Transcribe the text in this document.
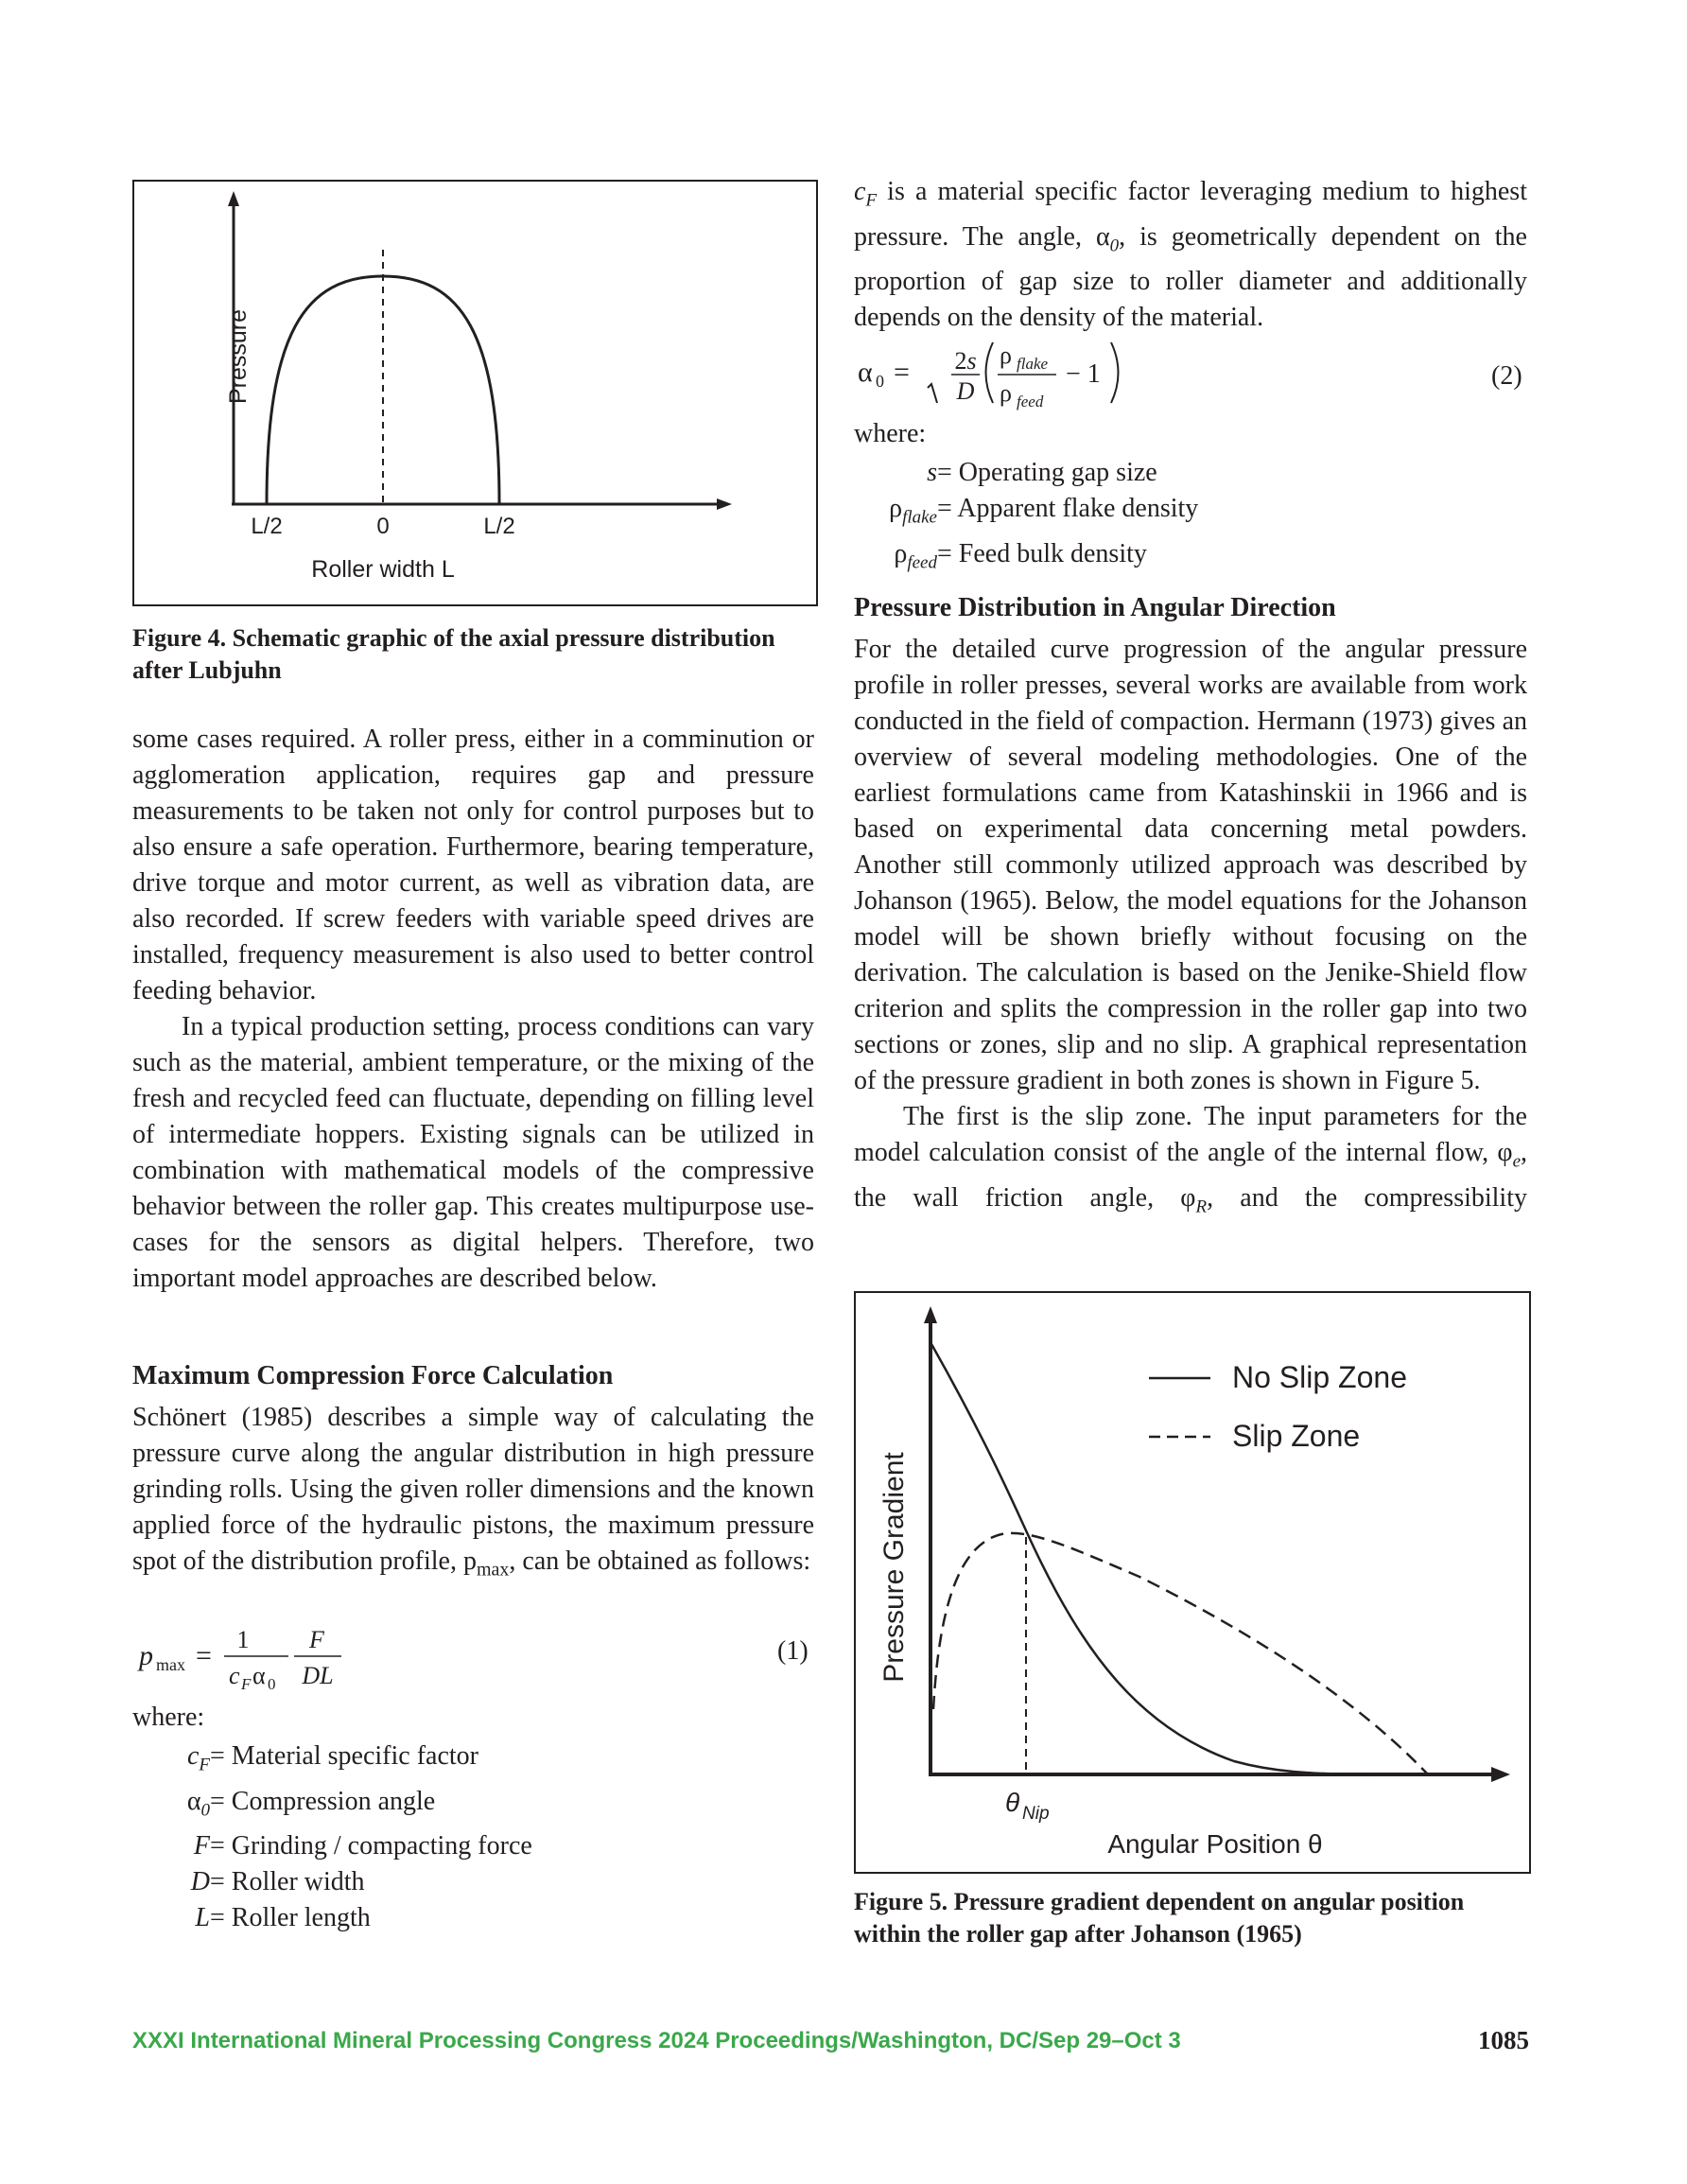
L/2	0	L/2
Roller width L
Pressure
Figure 4. Schematic graphic of the axial pressure distribution after Lubjuhn

some cases required. A roller press, either in a comminution or agglomeration application, requires gap and pressure measurements to be taken not only for control purposes but to also ensure a safe operation. Furthermore, bearing temperature, drive torque and motor current, as well as vibration data, are also recorded. If screw feeders with variable speed drives are installed, frequency measurement is also used to better control feeding behavior.

In a typical production setting, process conditions can vary such as the material, ambient temperature, or the mixing of the fresh and recycled feed can fluctuate, depending on filling level of intermediate hoppers. Existing signals can be utilized in combination with mathematical models of the compressive behavior between the roller gap. This creates multipurpose use-cases for the sensors as digital helpers. Therefore, two important model approaches are described below.

Maximum Compression Force Calculation

Schönert (1985) describes a simple way of calculating the pressure curve along the angular distribution in high pressure grinding rolls. Using the given roller dimensions and the known applied force of the hydraulic pistons, the maximum pressure spot of the distribution profile, $p_{max}$, can be obtained as follows:

p max =
1
c F α 0
F
DL
(1)
where:
$c_F$ = Material specific factor
$\alpha_0$ = Compression angle
F = Grinding / compacting force
D = Roller width
L = Roller length

$c_F$ is a material specific factor leveraging medium to highest pressure. The angle, $\alpha_0$, is geometrically dependent on the proportion of gap size to roller diameter and additionally depends on the density of the material.

α 0 = 2s
D
ρ flake
ρ feed
− 1	(2)
where:
s = Operating gap size
$\rho_{flake}$ = Apparent flake density
$\rho_{feed}$ = Feed bulk density
Pressure Distribution in Angular Direction

For the detailed curve progression of the angular pressure profile in roller presses, several works are available from work conducted in the field of compaction. Hermann (1973) gives an overview of several modeling methodologies. One of the earliest formulations came from Katashinskii in 1966 and is based on experimental data concerning metal powders. Another still commonly utilized approach was described by Johanson (1965). Below, the model equations for the Johanson model will be shown briefly without focusing on the derivation. The calculation is based on the Jenike-Shield flow criterion and splits the compression in the roller gap into two sections or zones, slip and no slip. A graphical representation of the pressure gradient in both zones is shown in Figure 5.

The first is the slip zone. The input parameters for the model calculation consist of the angle of the internal flow, $\varphi_e$, the wall friction angle, $\varphi_R$, and the compressibility

No Slip Zone
Slip Zone
Pressure Gradient
Angular Position θ
θ Nip
Figure 5. Pressure gradient dependent on angular position within the roller gap after Johanson (1965)
XXXI International Mineral Processing Congress 2024 Proceedings/Washington, DC/Sep 29–Oct 3	1085
